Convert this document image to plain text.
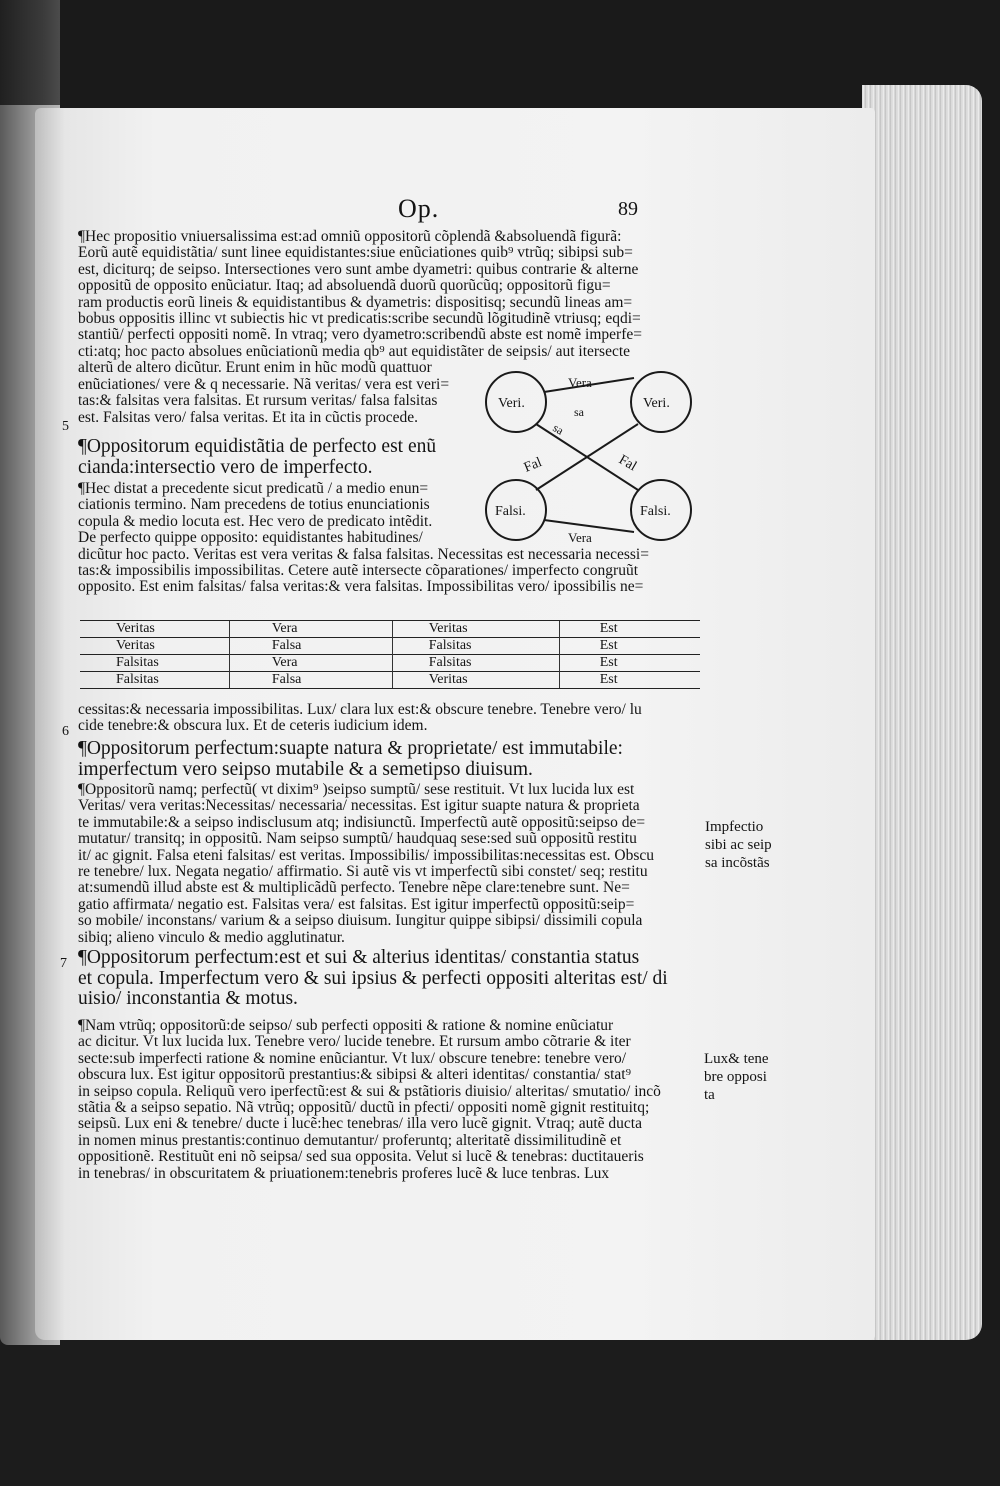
Op.	89
¶Hec propositio vniuersalissima est:ad omniũ oppositorũ cõplendã &absoluendã figurã:
Eorũ autẽ equidistãtia/ sunt linee equidistantes:siue enũciationes quib⁹ vtrũq; sibipsi sub=
est, diciturq; de seipso. Intersectiones vero sunt ambe dyametri: quibus contrarie & alterne
oppositũ de opposito enũciatur. Itaq; ad absoluendã duorũ quorũcũq; oppositorũ figu=
ram productis eorũ lineis & equidistantibus & dyametris: dispositisq; secundũ lineas am=
bobus oppositis illinc vt subiectis hic vt predicatis:scribe secundũ lõgitudinẽ vtriusq; eqdi=
stantiũ/ perfecti oppositi nomẽ. In vtraq; vero dyametro:scribendũ abste est nomẽ imperfe=
cti:atq; hoc pacto absolues enũciationũ media qb⁹ aut equidistãter de seipsis/ aut itersecte
alterũ de altero dicũtur. Erunt enim in hũc modũ quattuor
enũciationes/ vere & q necessarie. Nã veritas/ vera est veri=
tas:& falsitas vera falsitas. Et rursum veritas/ falsa falsitas
est. Falsitas vero/ falsa veritas. Et ita in cũctis procede.
5
¶Oppositorum equidistãtia de perfecto est enũ
cianda:intersectio vero de imperfecto.
¶Hec distat a precedente sicut predicatũ / a medio enun=
ciationis termino. Nam precedens de totius enunciationis
copula & medio locuta est. Hec vero de predicato intẽdit.
De perfecto quippe opposito: equidistantes habitudines/
dicũtur hoc pacto. Veritas est vera veritas & falsa falsitas. Necessitas est necessaria necessi=
tas:& impossibilis impossibilitas. Cetere autẽ intersecte cõparationes/ imperfecto congruũt
opposito. Est enim falsitas/ falsa veritas:& vera falsitas. Impossibilitas vero/ ipossibilis ne=
Veri.	Veri.
Falsi.	Falsi.
Vera
Vera
Fal	Fal
sa
sa
Veritas	Vera	Veritas	Est
Veritas	Falsa	Falsitas	Est
Falsitas	Vera	Falsitas	Est
Falsitas	Falsa	Veritas	Est
cessitas:& necessaria impossibilitas. Lux/ clara lux est:& obscure tenebre. Tenebre vero/ lu
cide tenebre:& obscura lux. Et de ceteris iudicium idem.
6
¶Oppositorum perfectum:suapte natura & proprietate/ est immutabile:
imperfectum vero seipso mutabile & a semetipso diuisum.
¶Oppositorũ namq; perfectũ( vt dixim⁹ )seipso sumptũ/ sese restituit. Vt lux lucida lux est
Veritas/ vera veritas:Necessitas/ necessaria/ necessitas. Est igitur suapte natura & proprieta
te immutabile:& a seipso indisclusum atq; indisiunctũ. Imperfectũ autẽ oppositũ:seipso de=
mutatur/ transitq; in oppositũ. Nam seipso sumptũ/ haudquaq sese:sed suũ oppositũ restitu
it/ ac gignit. Falsa eteni falsitas/ est veritas. Impossibilis/ impossibilitas:necessitas est. Obscu
re tenebre/ lux. Negata negatio/ affirmatio. Si autẽ vis vt imperfectũ sibi constet/ seq; restitu
at:sumendũ illud abste est & multiplicãdũ perfecto. Tenebre nẽpe clare:tenebre sunt. Ne=
gatio affirmata/ negatio est. Falsitas vera/ est falsitas. Est igitur imperfectũ oppositũ:seip=
so mobile/ inconstans/ varium & a seipso diuisum. Iungitur quippe sibipsi/ dissimili copula
sibiq; alieno vinculo & medio agglutinatur.
7 ¶Oppositorum perfectum:est et sui & alterius identitas/ constantia status
et copula. Imperfectum vero & sui ipsius & perfecti oppositi alteritas est/ di
uisio/ inconstantia & motus.
¶Nam vtrũq; oppositorũ:de seipso/ sub perfecti oppositi & ratione & nomine enũciatur
ac dicitur. Vt lux lucida lux. Tenebre vero/ lucide tenebre. Et rursum ambo cõtrarie & iter
secte:sub imperfecti ratione & nomine enũciantur. Vt lux/ obscure tenebre: tenebre vero/
obscura lux. Est igitur oppositorũ prestantius:& sibipsi & alteri identitas/ constantia/ stat⁹
in seipso copula. Reliquũ vero iperfectũ:est & sui & pstãtioris diuisio/ alteritas/ smutatio/ incõ
stãtia & a seipso sepatio. Nã vtrũq; oppositũ/ ductũ in pfecti/ oppositi nomẽ gignit restituitq;
seipsũ. Lux eni & tenebre/ ducte i lucẽ:hec tenebras/ illa vero lucẽ gignit. Vtraq; autẽ ducta
in nomen minus prestantis:continuo demutantur/ proferuntq; alteritatẽ dissimilitudinẽ et
oppositionẽ. Restituũt eni nõ seipsa/ sed sua opposita. Velut si lucẽ & tenebras: ductitaueris
in tenebras/ in obscuritatem & priuationem:tenebris proferes lucẽ & luce tenbras. Lux
Impfectio
sibi ac seip
sa incõstãs
Lux& tene
bre opposi
ta
